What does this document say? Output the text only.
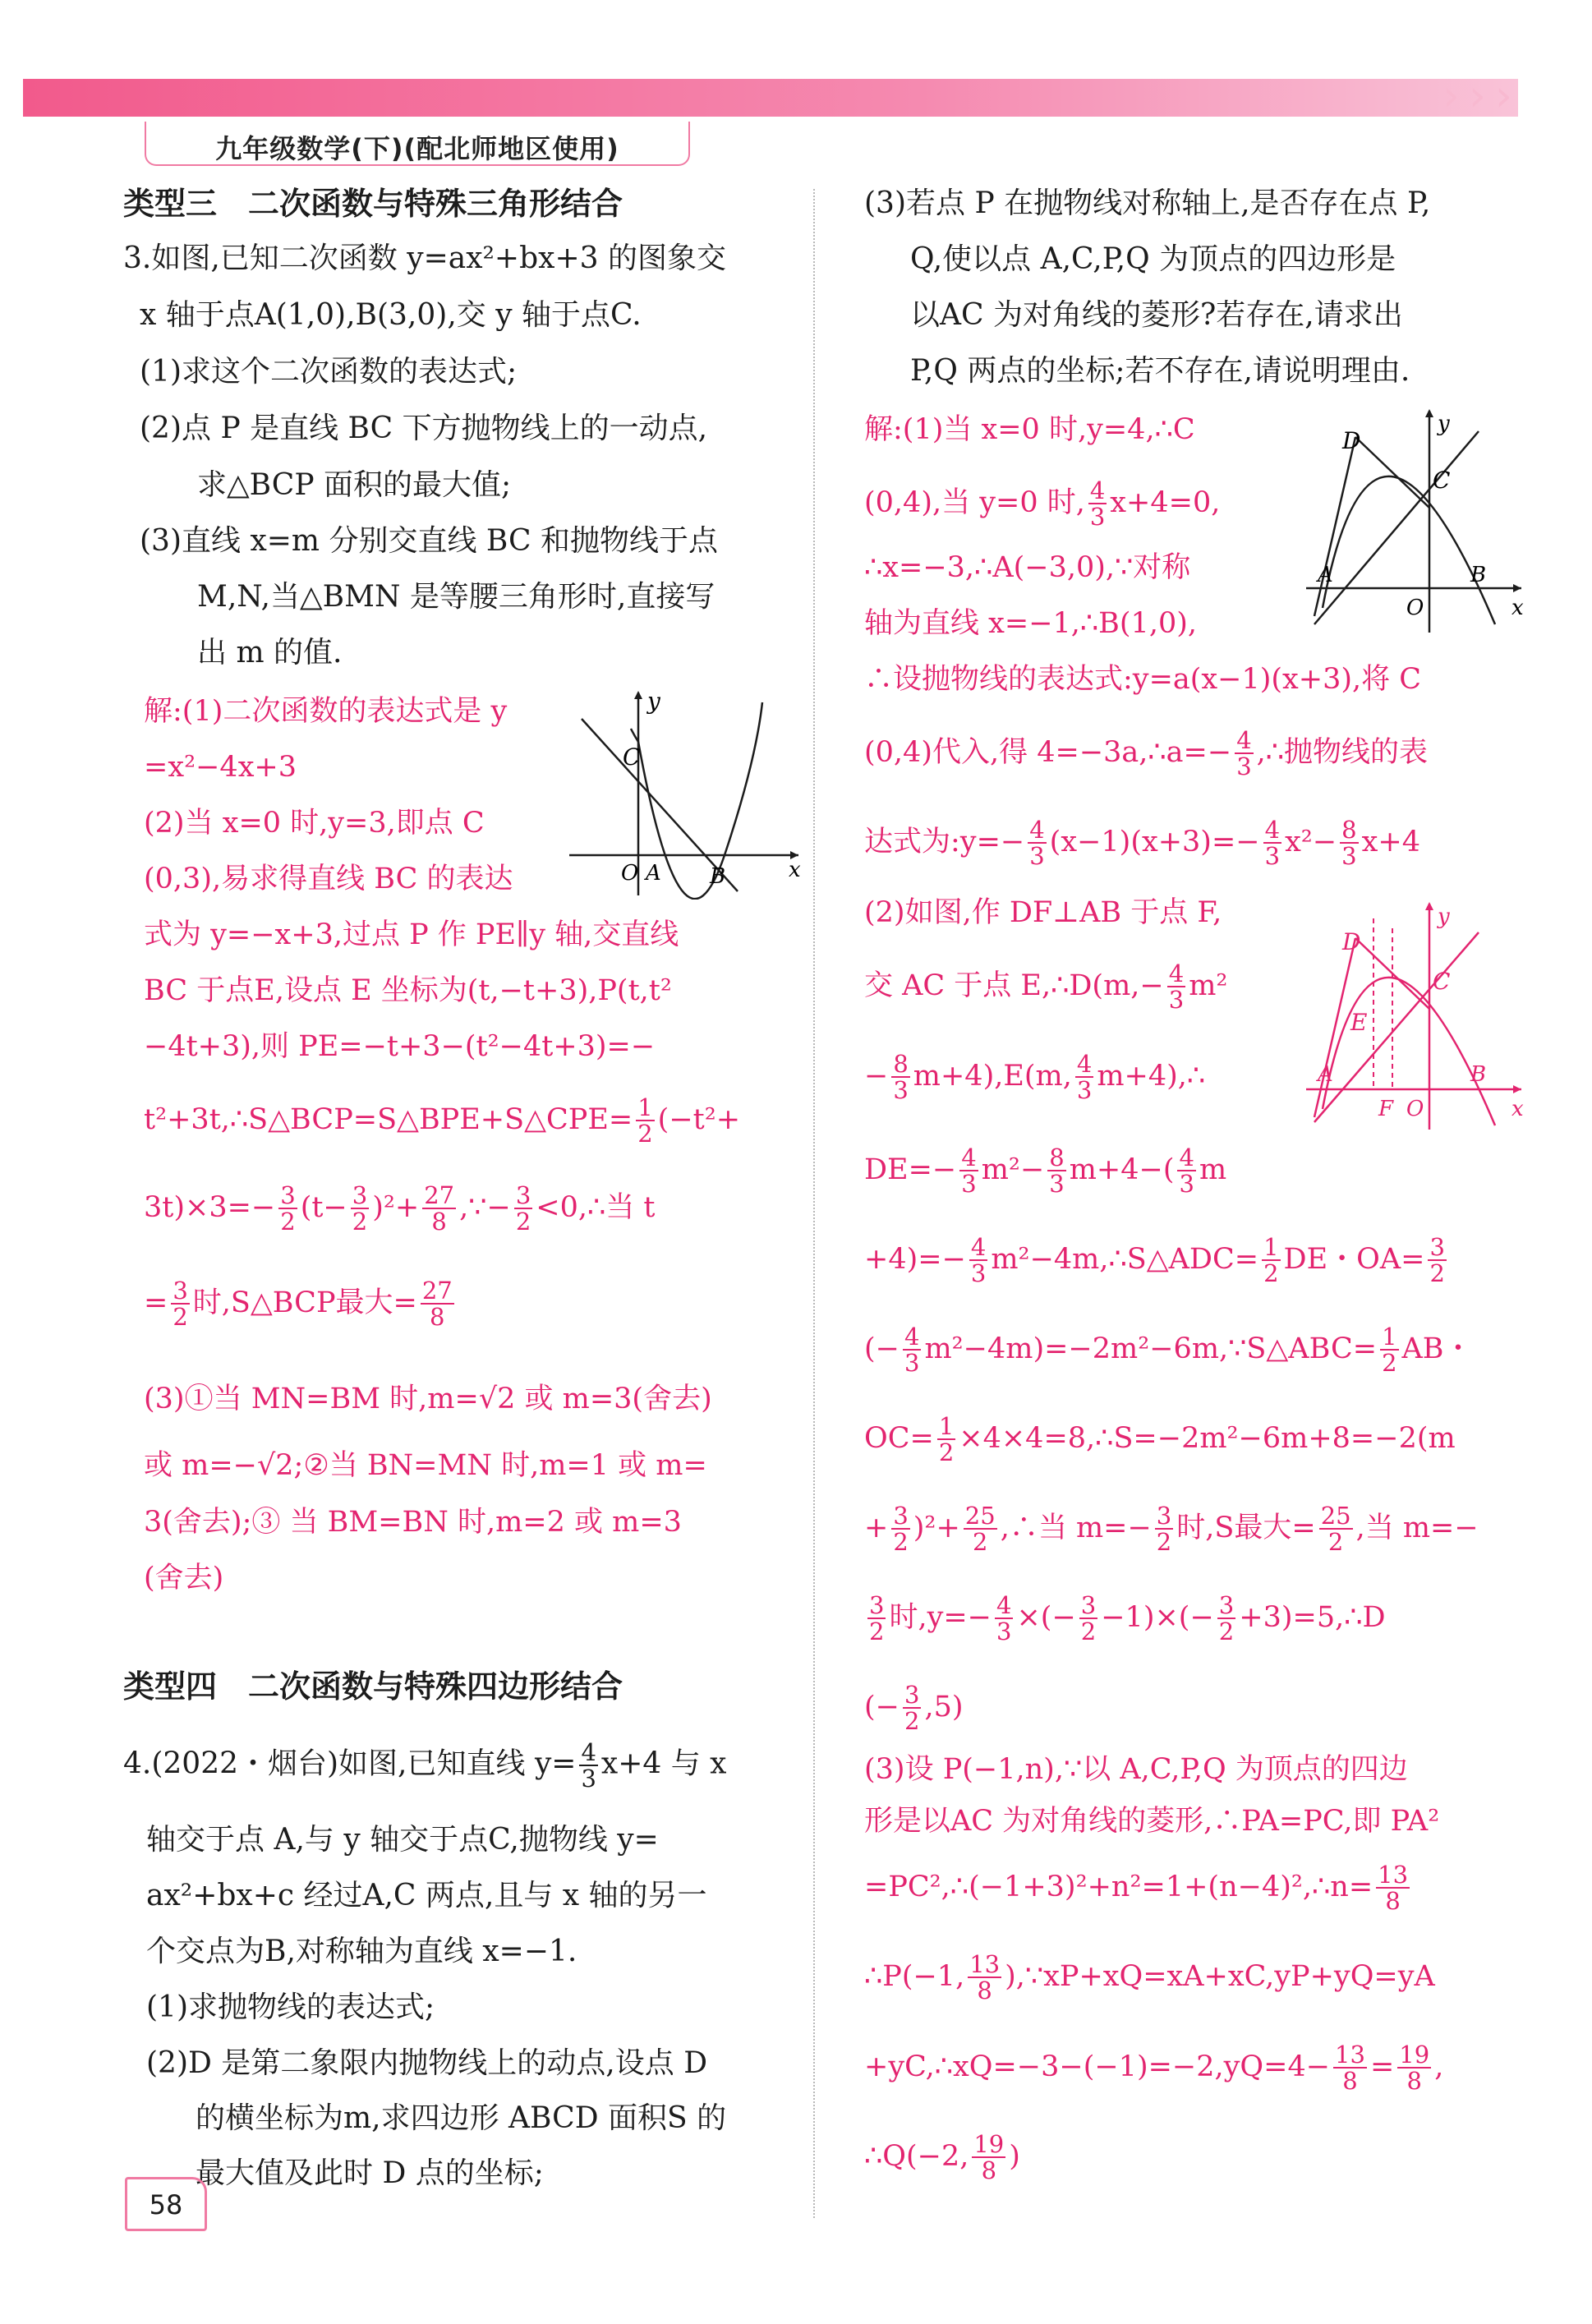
› › ›
九年级数学(下)(配北师地区使用)
类型三　二次函数与特殊三角形结合
3.如图,已知二次函数 y=ax²+bx+3 的图象交
x 轴于点A(1,0),B(3,0),交 y 轴于点C.
(1)求这个二次函数的表达式;
(2)点 P 是直线 BC 下方抛物线上的一动点,
求△BCP 面积的最大值;
(3)直线 x=m 分别交直线 BC 和抛物线于点
M,N,当△BMN 是等腰三角形时,直接写
出 m 的值.
C
y
x
O A B
解:(1)二次函数的表达式是 y
=x²−4x+3
(2)当 x=0 时,y=3,即点 C
(0,3),易求得直线 BC 的表达
式为 y=−x+3,过点 P 作 PE∥y 轴,交直线
BC 于点E,设点 E 坐标为(t,−t+3),P(t,t²
−4t+3),则 PE=−t+3−(t²−4t+3)=−
t²+3t,∴S△BCP=S△BPE+S△CPE= $\frac{1}{2} (-t^2+$
$3t)\times 3=- \frac{3}{2} (t- \frac{3}{2} )^2+ \frac{27}{8}$ ,∵− $\frac{3}{2}$ <0,∴当 t
= $\frac{3}{2}$ 时,S△BCP最大= $\frac{27}{8}$
(3)①当 MN=BM 时,m=√2 或 m=3(舍去)
或 m=−√2;②当 BN=MN 时,m=1 或 m=
3(舍去);③ 当 BM=BN 时,m=2 或 m=3
(舍去)
类型四　二次函数与特殊四边形结合
4.(2022・烟台)如图,已知直线 $y= \frac{4}{3} x+4$ 与 x
轴交于点 A,与 y 轴交于点C,抛物线 y=
ax²+bx+c 经过A,C 两点,且与 x 轴的另一
个交点为B,对称轴为直线 x=−1.
(1)求抛物线的表达式;
(2)D 是第二象限内抛物线上的动点,设点 D
的横坐标为m,求四边形 ABCD 面积S 的
最大值及此时 D 点的坐标;
58
(3)若点 P 在抛物线对称轴上,是否存在点 P,
Q,使以点 A,C,P,Q 为顶点的四边形是
以AC 为对角线的菱形?若存在,请求出
P,Q 两点的坐标;若不存在,请说明理由.
D
y
C
x
A
O
B
解:(1)当 x=0 时,y=4,∴C
(0,4),当 y=0 时, $\frac{4}{3} x+4=0$,
∴x=−3,∴A(−3,0),∵对称
轴为直线 x=−1,∴B(1,0),
∴设抛物线的表达式:y=a(x−1)(x+3),将 C
(0,4)代入,得 4=−3a,∴a=− $\frac{4}{3}$ ,∴抛物线的表
达式为:y=− $\frac{4}{3} (x-1)(x+3)=- \frac{4}{3} x^2- \frac{8}{3} x+4$
D
y
C
E
x
A
F O
B
(2)如图,作 DF⊥AB 于点 F,
交 AC 于点 E,∴D(m,− $\frac{4}{3} m^2$
− $\frac{8}{3} m+4),E(m$, $\frac{4}{3}$ m+4),∴
$DE=- \frac{4}{3} m^2- \frac{8}{3} m+4-( \frac{4}{3}$ m
$+4)=- \frac{4}{3}$ m²−4m,∴S△ADC= $\frac{1}{2}$ DE・$OA= \frac{3}{2}$
(− $\frac{4}{3}$ m²−4m)=−2m²−6m,∵S△ABC= $\frac{1}{2}$ AB・
$OC= \frac{1}{2}$ ×4×4=8,∴S=−2m²−6m+8=−2(m
+ $\frac{3}{2} )^2+ \frac{25}{2}$ ,∴当 $m=- \frac{3}{2}$ 时,S最大= $\frac{25}{2}$ ,当 m=−
$\frac{3}{2}$ 时$,y=- \frac{4}{3}$ ×(− $\frac{3}{2} -1)\times(- \frac{3}{2}$ +3)=5,∴D
(− $\frac{3}{2} ,5$)
(3)设 P(−1,n),∵以 A,C,P,Q 为顶点的四边
形是以AC 为对角线的菱形,∴PA=PC,即 PA²
=PC²,∴(−1+3)²+n²=1+(n−4)²,∴n= $\frac{13}{8}$
∴P(−1, $\frac{13}{8}$ ),∵xP+xQ=xA+xC,yP+yQ=yA
+yC,∴xQ=−3−(−1)=−2,yQ=4− $\frac{13}{8} = \frac{19}{8}$ ,
∴Q(−2, $\frac{19}{8}$ )
